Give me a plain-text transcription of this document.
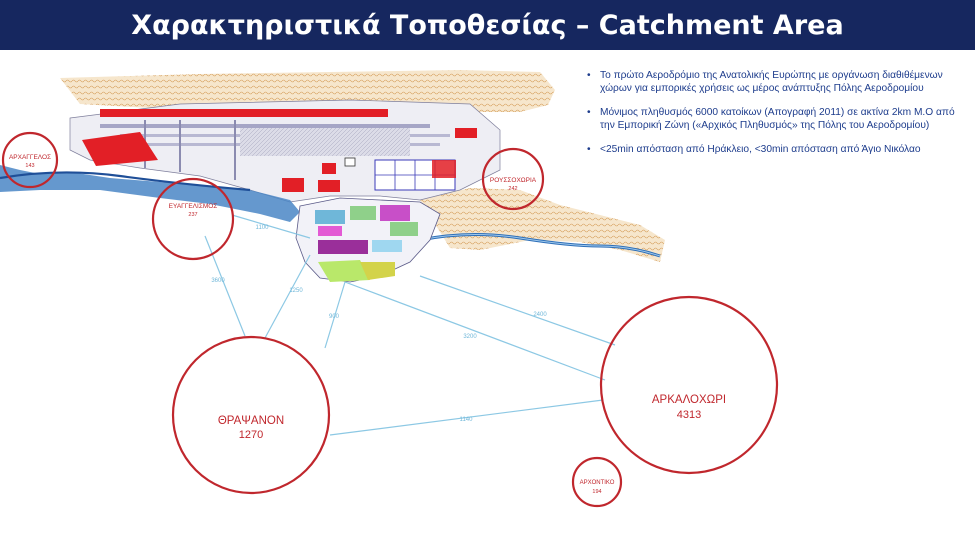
Χαρακτηριστικά Τοποθεσίας – Catchment Area
1100
3600
1250
900	2400
3200
1140
ΑΡΧΑΓΓΕΛΟΣ
143
ΡΟΥΣΣΟΧΩΡΙΑ
242
ΕΥΑΓΓΕΛΙΣΜΟΣ
237
ΘΡΑΨΑΝΟΝ
1270
ΑΡΚΑΛΟΧΩΡΙ
4313
ΑΡΧΟΝΤΙΚΟ
194
• Το πρώτο Αεροδρόμιο της Ανατολικής Ευρώπης με οργάνωση διαθιθέμενων χώρων για εμπορικές χρήσεις ως μέρος ανάπτυξης Πόλης Αεροδρομίου
• Μόνιμος πληθυσμός 6000 κατοίκων (Απογραφή 2011) σε ακτίνα 2km Μ.Ο από την Εμπορική Ζώνη («Αρχικός Πληθυσμός» της Πόλης του Αεροδρομίου)
• <25min απόσταση από Ηράκλειο, <30min απόσταση από Άγιο Νικόλαο
